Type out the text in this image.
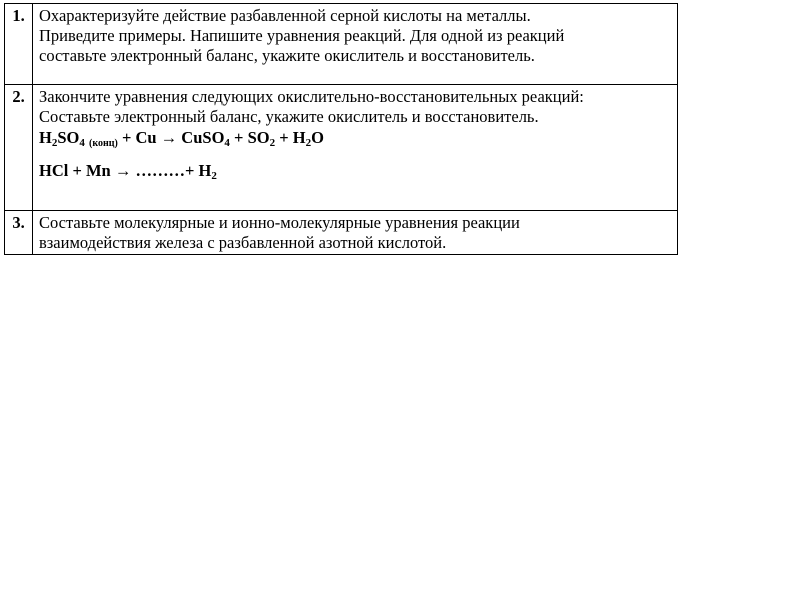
1.	Охарактеризуйте действие разбавленной серной кислоты на металлы.
Приведите примеры. Напишите уравнения реакций. Для одной из реакций
составьте электронный баланс, укажите окислитель и восстановитель.

2.	Закончите уравнения следующих окислительно-восстановительных реакций:
Составьте электронный баланс, укажите окислитель и восстановитель.
$H_2SO_4$ $_{(конц)}$ + Cu → CuSO$_4$ + $SO_2 + H_2O$
HCl + Mn → ………+ $H_2$

3.	Составьте молекулярные и ионно-молекулярные уравнения реакции
взаимодействия железа с разбавленной азотной кислотой.
